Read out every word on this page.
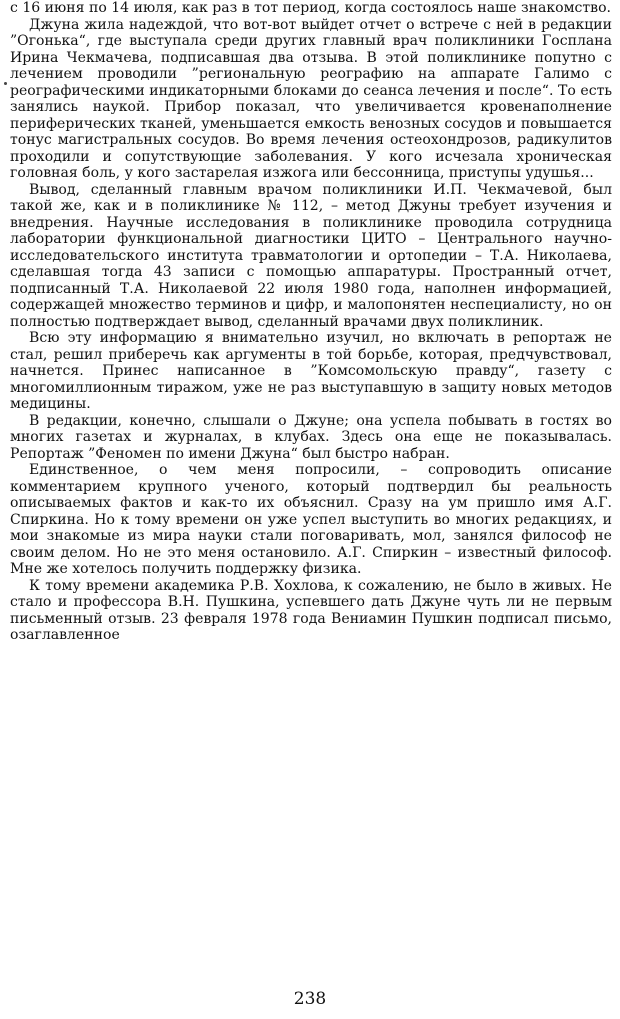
с 16 июня по 14 июля, как раз в тот период, когда состоялось наше знакомство.

Джуна жила надеждой, что вот-вот выйдет отчет о встрече с ней в редакции ”Огонька“, где выступала среди других главный врач поликлиники Госплана Ирина Чекмачева, подписавшая два отзыва. В этой поликлинике попутно с лечением проводили ”региональную реографию на аппарате Галимо с реографическими индикаторными блоками до сеанса лечения и после“. То есть занялись наукой. Прибор показал, что увеличивается кровенаполнение периферических тканей, уменьшается емкость венозных сосудов и повышается тонус магистральных сосудов. Во время лечения остеохондрозов, радикулитов проходили и сопутствующие заболевания. У кого исчезала хроническая головная боль, у кого застарелая изжога или бессонница, приступы удушья...

Вывод, сделанный главным врачом поликлиники И.П. Чекмачевой, был такой же, как и в поликлинике № 112, – метод Джуны требует изучения и внедрения. Научные исследования в поликлинике проводила сотрудница лаборатории функциональной диагностики ЦИТО – Центрального научно-исследовательского института травматологии и ортопедии – Т.А. Николаева, сделавшая тогда 43 записи с помощью аппаратуры. Пространный отчет, подписанный Т.А. Николаевой 22 июля 1980 года, наполнен информацией, содержащей множество терминов и цифр, и малопонятен неспециалисту, но он полностью подтверждает вывод, сделанный врачами двух поликлиник.

Всю эту информацию я внимательно изучил, но включать в репортаж не стал, решил приберечь как аргументы в той борьбе, которая, предчувствовал, начнется. Принес написанное в ”Комсомольскую правду“, газету с многомиллионным тиражом, уже не раз выступавшую в защиту новых методов медицины.

В редакции, конечно, слышали о Джуне; она успела побывать в гостях во многих газетах и журналах, в клубах. Здесь она еще не показывалась. Репортаж ”Феномен по имени Джуна“ был быстро набран.

Единственное, о чем меня попросили, – сопроводить описание комментарием крупного ученого, который подтвердил бы реальность описываемых фактов и как-то их объяснил. Сразу на ум пришло имя А.Г. Спиркина. Но к тому времени он уже успел выступить во многих редакциях, и мои знакомые из мира науки стали поговаривать, мол, занялся философ не своим делом. Но не это меня остановило. А.Г. Спиркин – известный философ. Мне же хотелось получить поддержку физика.

К тому времени академика Р.В. Хохлова, к сожалению, не было в живых. Не стало и профессора В.Н. Пушкина, успевшего дать Джуне чуть ли не первым письменный отзыв. 23 февраля 1978 года Вениамин Пушкин подписал письмо, озаглавленное

238
